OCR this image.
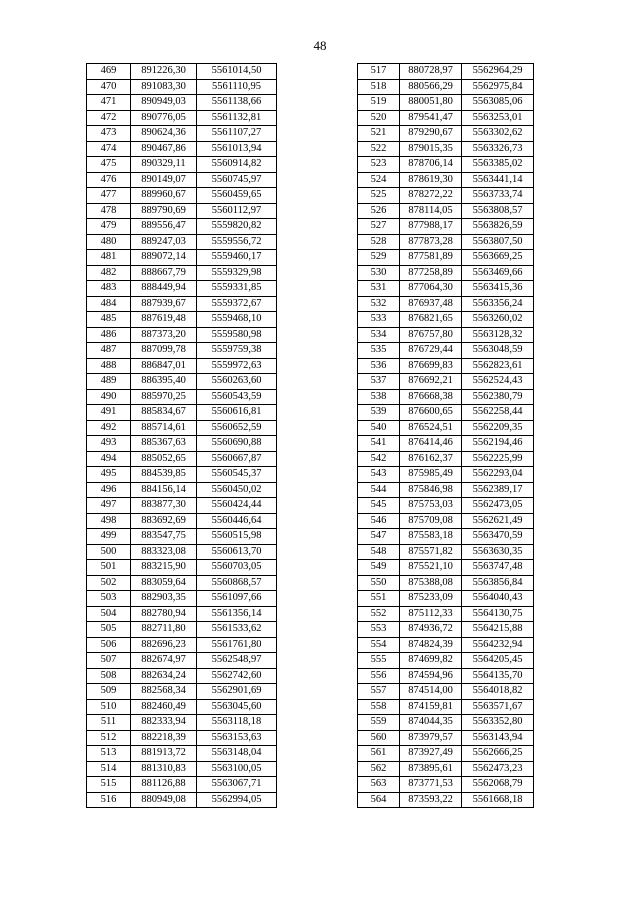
48
469	891226,30	5561014,50
470	891083,30	5561110,95
471	890949,03	5561138,66
472	890776,05	5561132,81
473	890624,36	5561107,27
474	890467,86	5561013,94
475	890329,11	5560914,82
476	890149,07	5560745,97
477	889960,67	5560459,65
478	889790,69	5560112,97
479	889556,47	5559820,82
480	889247,03	5559556,72
481	889072,14	5559460,17
482	888667,79	5559329,98
483	888449,94	5559331,85
484	887939,67	5559372,67
485	887619,48	5559468,10
486	887373,20	5559580,98
487	887099,78	5559759,38
488	886847,01	5559972,63
489	886395,40	5560263,60
490	885970,25	5560543,59
491	885834,67	5560616,81
492	885714,61	5560652,59
493	885367,63	5560690,88
494	885052,65	5560667,87
495	884539,85	5560545,37
496	884156,14	5560450,02
497	883877,30	5560424,44
498	883692,69	5560446,64
499	883547,75	5560515,98
500	883323,08	5560613,70
501	883215,90	5560703,05
502	883059,64	5560868,57
503	882903,35	5561097,66
504	882780,94	5561356,14
505	882711,80	5561533,62
506	882696,23	5561761,80
507	882674,97	5562548,97
508	882634,24	5562742,60
509	882568,34	5562901,69
510	882460,49	5563045,60
511	882333,94	5563118,18
512	882218,39	5563153,63
513	881913,72	5563148,04
514	881310,83	5563100,05
515	881126,88	5563067,71
516	880949,08	5562994,05
517	880728,97	5562964,29
518	880566,29	5562975,84
519	880051,80	5563085,06
520	879541,47	5563253,01
521	879290,67	5563302,62
522	879015,35	5563326,73
523	878706,14	5563385,02
524	878619,30	5563441,14
525	878272,22	5563733,74
526	878114,05	5563808,57
527	877988,17	5563826,59
528	877873,28	5563807,50
529	877581,89	5563669,25
530	877258,89	5563469,66
531	877064,30	5563415,36
532	876937,48	5563356,24
533	876821,65	5563260,02
534	876757,80	5563128,32
535	876729,44	5563048,59
536	876699,83	5562823,61
537	876692,21	5562524,43
538	876668,38	5562380,79
539	876600,65	5562258,44
540	876524,51	5562209,35
541	876414,46	5562194,46
542	876162,37	5562225,99
543	875985,49	5562293,04
544	875846,98	5562389,17
545	875753,03	5562473,05
546	875709,08	5562621,49
547	875583,18	5563470,59
548	875571,82	5563630,35
549	875521,10	5563747,48
550	875388,08	5563856,84
551	875233,09	5564040,43
552	875112,33	5564130,75
553	874936,72	5564215,88
554	874824,39	5564232,94
555	874699,82	5564205,45
556	874594,96	5564135,70
557	874514,00	5564018,82
558	874159,81	5563571,67
559	874044,35	5563352,80
560	873979,57	5563143,94
561	873927,49	5562666,25
562	873895,61	5562473,23
563	873771,53	5562068,79
564	873593,22	5561668,18
